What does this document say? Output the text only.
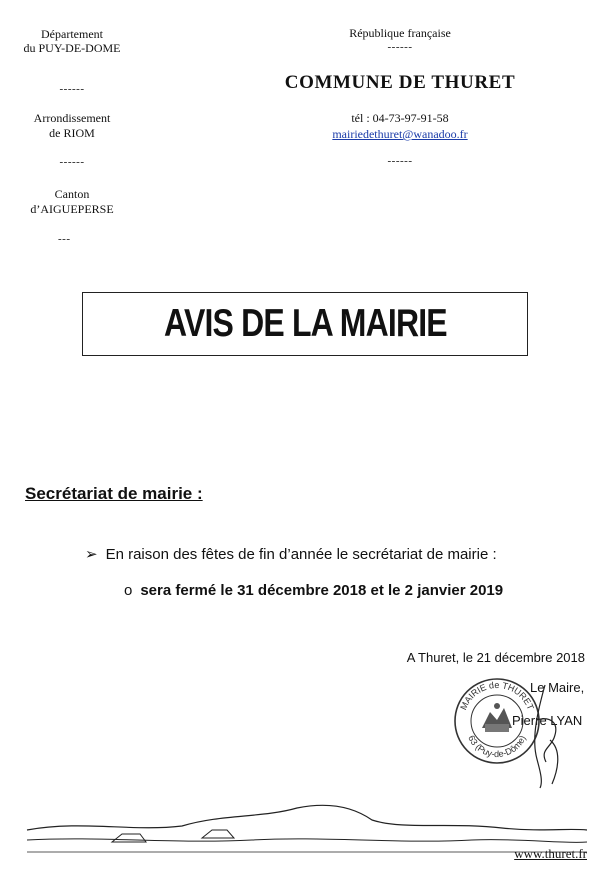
Département
du PUY-DE-DOME
------
Arrondissement
de RIOM
------
Canton
d’AIGUEPERSE
---
République française
------
COMMUNE DE THURET
tél : 04-73-97-91-58
mairiedethuret@wanadoo.fr
------
AVIS DE LA MAIRIE
Secrétariat de mairie :
➢ En raison des fêtes de fin d’année le secrétariat de mairie :
o sera fermé le 31 décembre 2018 et le 2 janvier 2019
A Thuret, le 21 décembre 2018
Le Maire,
Pierre LYAN
MAIRIE de THURET
63 (Puy-de-Dôme)
www.thuret.fr
